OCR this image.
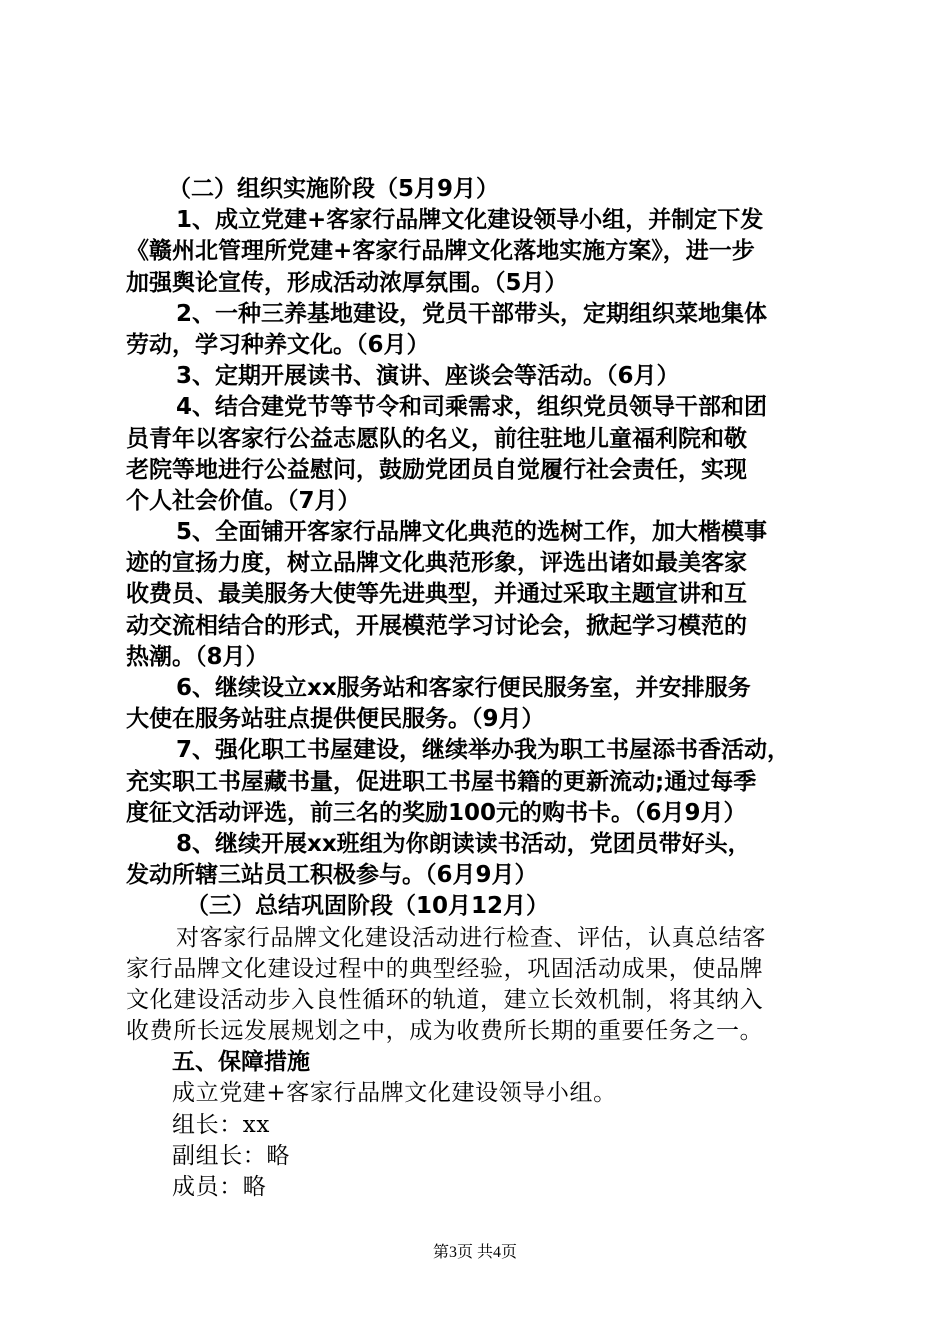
（二）组织实施阶段（5月9月）
1、成立党建+客家行品牌文化建设领导小组，并制定下发
《赣州北管理所党建+客家行品牌文化落地实施方案》，进一步
加强舆论宣传，形成活动浓厚氛围。（5月）
2、一种三养基地建设，党员干部带头，定期组织菜地集体
劳动，学习种养文化。（6月）
3、定期开展读书、演讲、座谈会等活动。（6月）
4、结合建党节等节令和司乘需求，组织党员领导干部和团
员青年以客家行公益志愿队的名义，前往驻地儿童福利院和敬
老院等地进行公益慰问，鼓励党团员自觉履行社会责任，实现
个人社会价值。（7月）
5、全面铺开客家行品牌文化典范的选树工作，加大楷模事
迹的宣扬力度，树立品牌文化典范形象，评选出诸如最美客家
收费员、最美服务大使等先进典型，并通过采取主题宣讲和互
动交流相结合的形式，开展模范学习讨论会，掀起学习模范的
热潮。（8月）
6、继续设立xx服务站和客家行便民服务室，并安排服务
大使在服务站驻点提供便民服务。（9月）
7、强化职工书屋建设，继续举办我为职工书屋添书香活动，
充实职工书屋藏书量，促进职工书屋书籍的更新流动;通过每季
度征文活动评选，前三名的奖励100元的购书卡。（6月9月）
8、继续开展xx班组为你朗读读书活动，党团员带好头，
发动所辖三站员工积极参与。（6月9月）
（三）总结巩固阶段（10月12月）
对客家行品牌文化建设活动进行检查、评估，认真总结客
家行品牌文化建设过程中的典型经验，巩固活动成果，使品牌
文化建设活动步入良性循环的轨道，建立长效机制，将其纳入
收费所长远发展规划之中，成为收费所长期的重要任务之一。
五、保障措施
成立党建+客家行品牌文化建设领导小组。
组长：xx
副组长：略
成员：略
第3页 共4页
